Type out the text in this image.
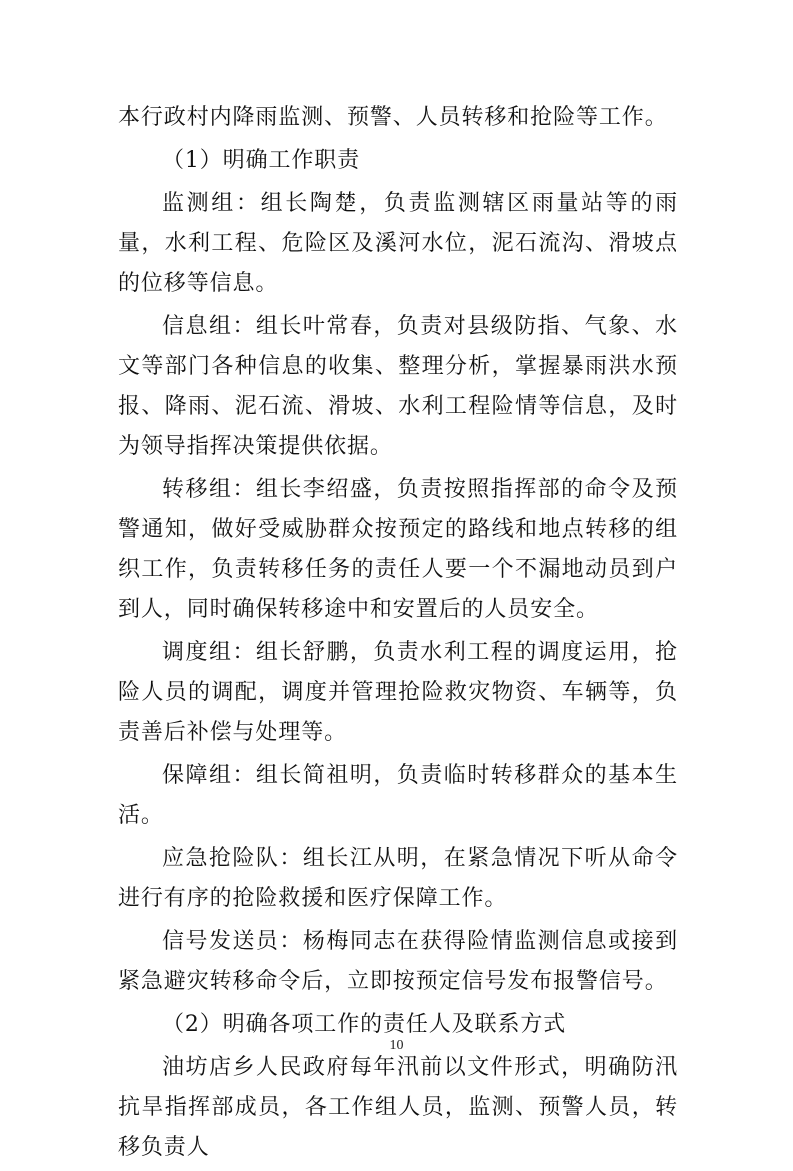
本行政村内降雨监测、预警、人员转移和抢险等工作。

（1）明确工作职责

监测组：组长陶楚，负责监测辖区雨量站等的雨量，水利工程、危险区及溪河水位，泥石流沟、滑坡点的位移等信息。

信息组：组长叶常春，负责对县级防指、气象、水文等部门各种信息的收集、整理分析，掌握暴雨洪水预报、降雨、泥石流、滑坡、水利工程险情等信息，及时为领导指挥决策提供依据。

转移组：组长李绍盛，负责按照指挥部的命令及预警通知，做好受威胁群众按预定的路线和地点转移的组织工作，负责转移任务的责任人要一个不漏地动员到户到人，同时确保转移途中和安置后的人员安全。

调度组：组长舒鹏，负责水利工程的调度运用，抢险人员的调配，调度并管理抢险救灾物资、车辆等，负责善后补偿与处理等。

保障组：组长简祖明，负责临时转移群众的基本生活。

应急抢险队：组长江从明，在紧急情况下听从命令进行有序的抢险救援和医疗保障工作。

信号发送员：杨梅同志在获得险情监测信息或接到紧急避灾转移命令后，立即按预定信号发布报警信号。

（2）明确各项工作的责任人及联系方式

油坊店乡人民政府每年汛前以文件形式，明确防汛抗旱指挥部成员，各工作组人员，监测、预警人员，转移负责人

10
